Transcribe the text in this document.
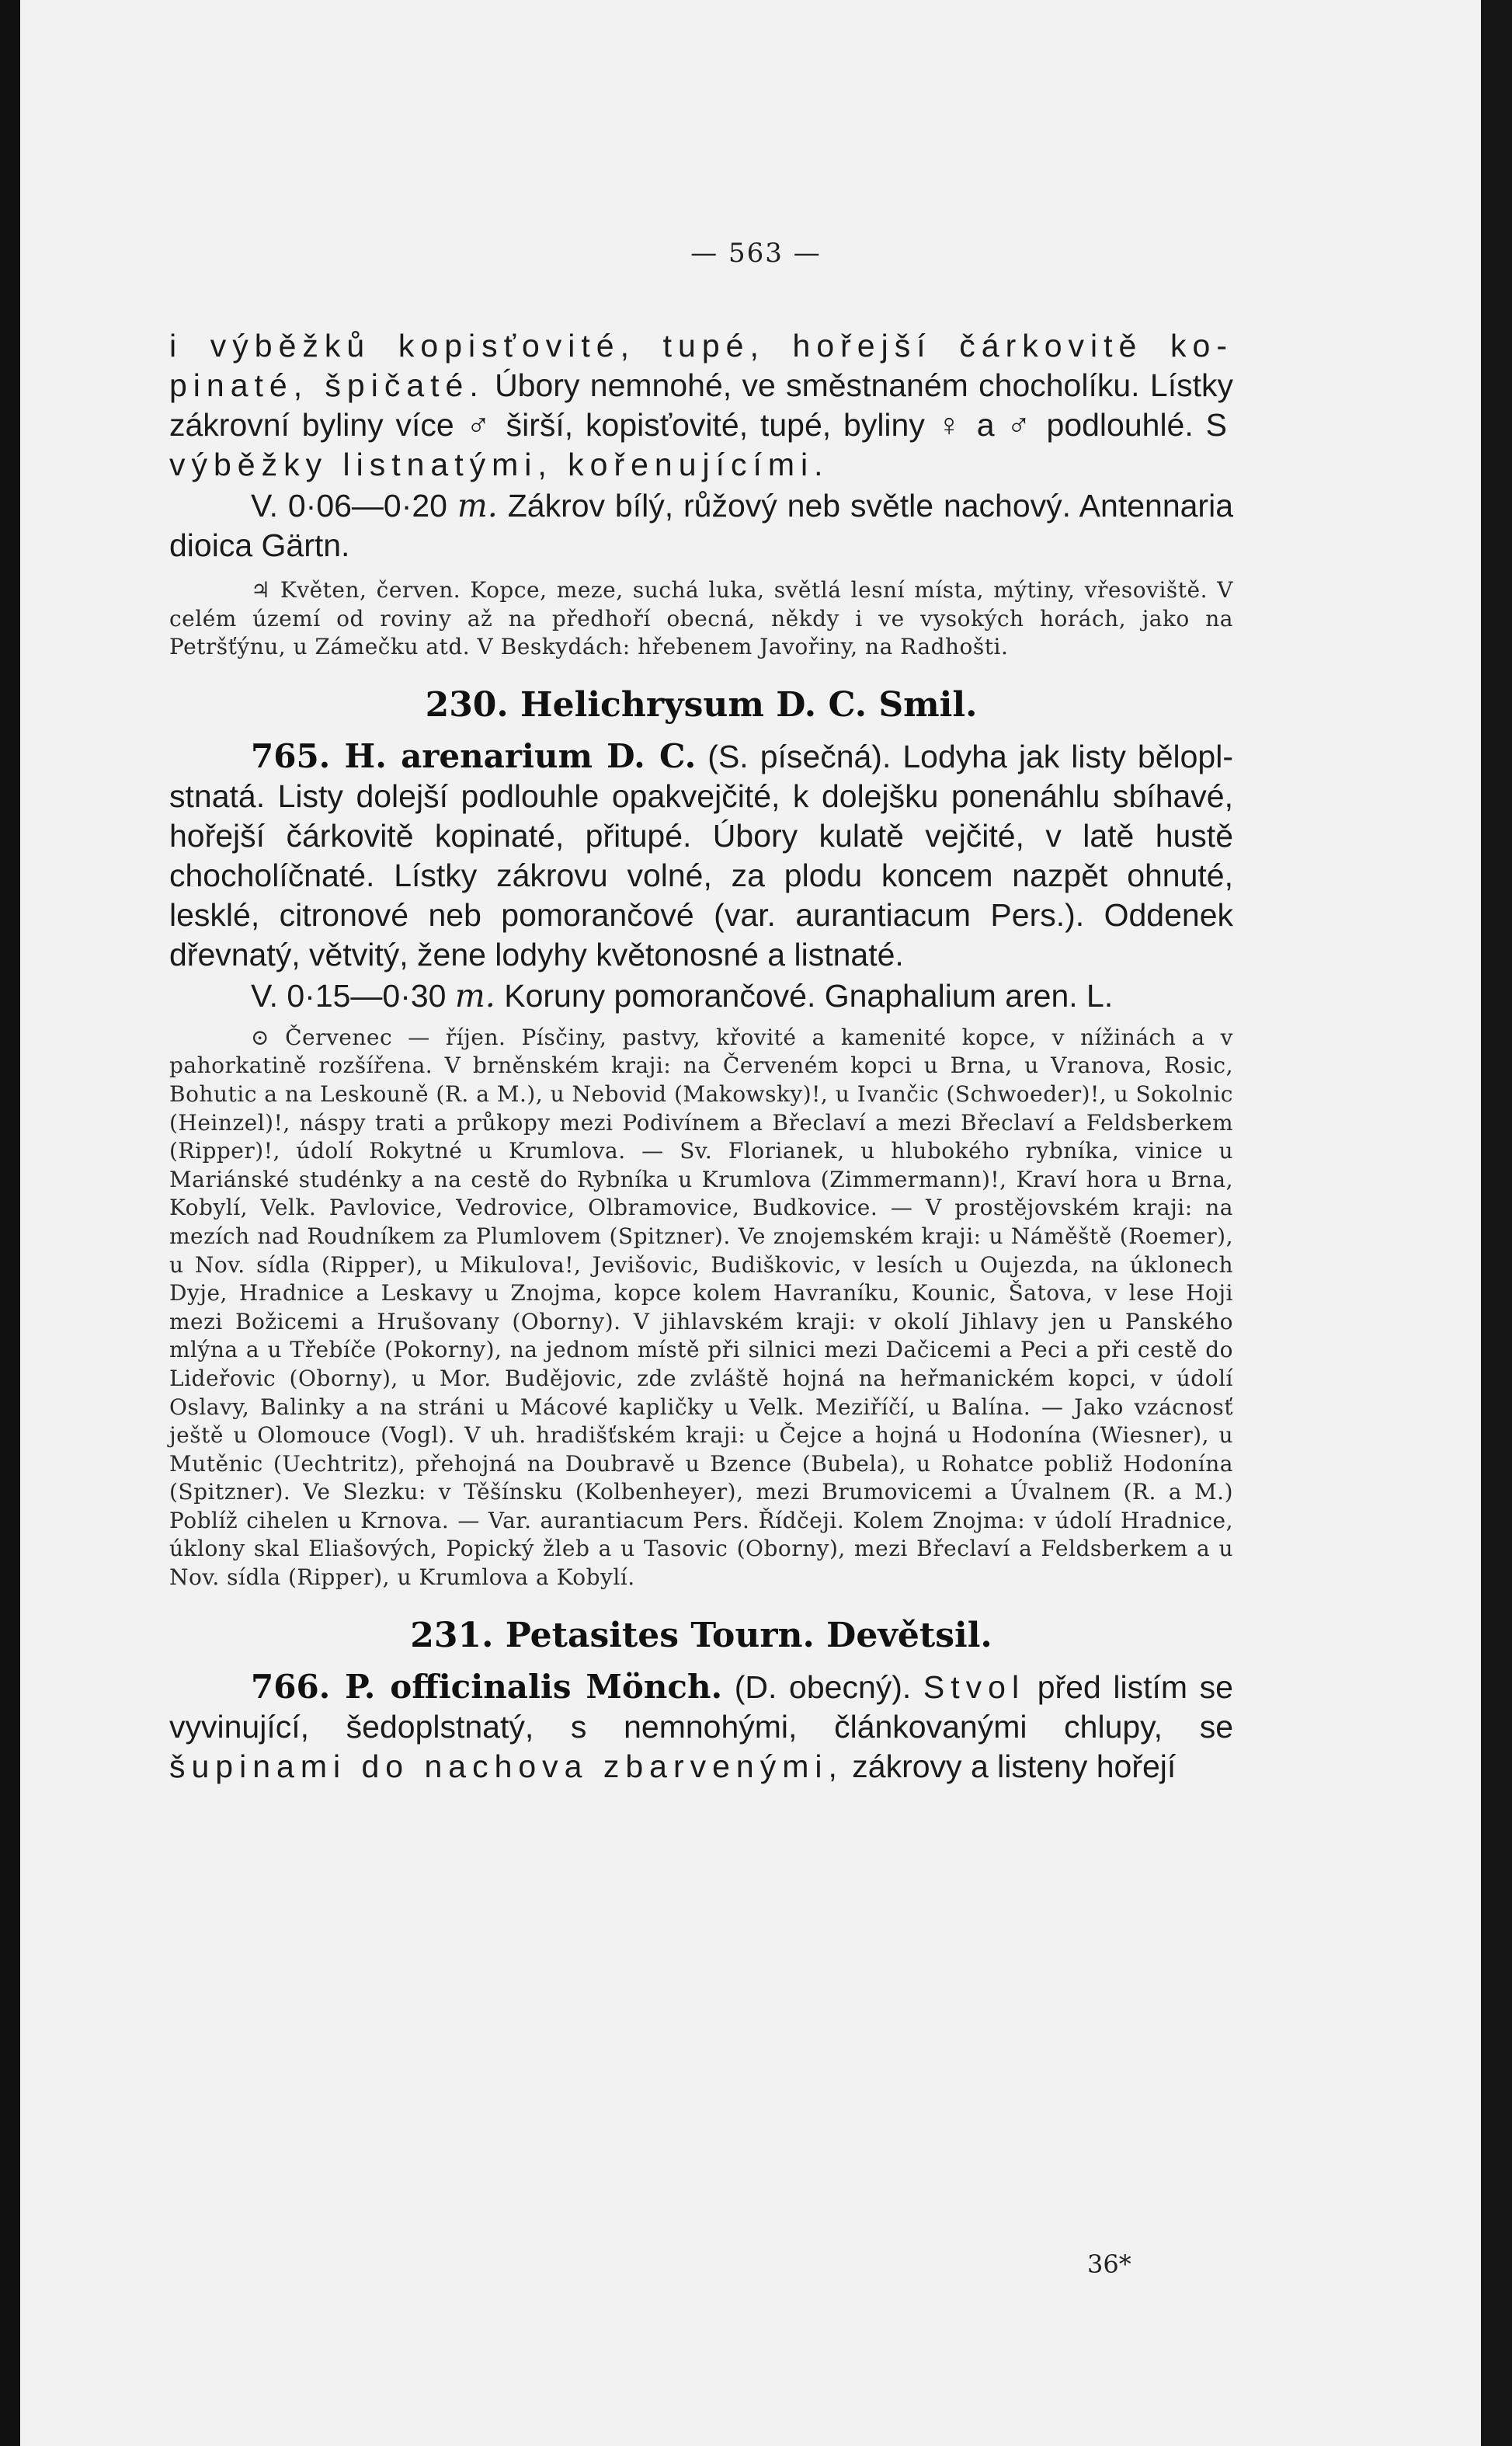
— 563 —

i výběžků kopisťovité, tupé, hořejší čárkovitě ko- pinaté, špičaté. Úbory nemnohé, ve směstnaném chocholíku. Lístky zákrovní byliny více ♂ širší, kopisťovité, tupé, byliny ♀ a ♂ podlouhlé. S výběžky listnatými, kořenujícími.

V. 0·06—0·20 m. Zákrov bílý, růžový neb světle nachový. Antennaria dioica Gärtn.

♃ Květen, červen. Kopce, meze, suchá luka, světlá lesní místa, mýtiny, vřesoviště. V celém území od roviny až na předhoří obecná, někdy i ve vysokých horách, jako na Petršťýnu, u Zámečku atd. V Beskydách: hřebenem Javořiny, na Radhošti.

230. Helichrysum D. C. Smil.

765. H. arenarium D. C. (S. písečná). Lodyha jak listy běloplstnatá. Listy dolejší podlouhle opakvejčité, k dolejšku ponenáhlu sbíhavé, hořejší čárkovitě kopinaté, přitupé. Úbory kulatě vejčité, v latě hustě chocholíčnaté. Lístky zákrovu volné, za plodu koncem nazpět ohnuté, lesklé, citronové neb pomorančové (var. aurantiacum Pers.). Oddenek dřevnatý, větvitý, žene lodyhy květonosné a listnaté.

V. 0·15—0·30 m. Koruny pomorančové. Gnaphalium aren. L.

⊙ Červenec — říjen. Písčiny, pastvy, křovité a kamenité kopce, v nížinách a v pahorkatině rozšířena. V brněnském kraji: na Červeném kopci u Brna, u Vranova, Rosic, Bohutic a na Leskouně (R. a M.), u Nebovid (Makowsky)!, u Ivančic (Schwoeder)!, u Sokolnic (Heinzel)!, náspy trati a průkopy mezi Podivínem a Břeclaví a mezi Břeclaví a Feldsberkem (Ripper)!, údolí Rokytné u Krumlova. — Sv. Florianek, u hlubokého rybníka, vinice u Mariánské studénky a na cestě do Rybníka u Krumlova (Zimmermann)!, Kraví hora u Brna, Kobylí, Velk. Pavlovice, Vedrovice, Olbramovice, Budkovice. — V prostějovském kraji: na mezích nad Roudníkem za Plumlovem (Spitzner). Ve znojemském kraji: u Náměště (Roemer), u Nov. sídla (Ripper), u Mikulova!, Jevišovic, Budiškovic, v lesích u Oujezda, na úklonech Dyje, Hradnice a Leskavy u Znojma, kopce kolem Havraníku, Kounic, Šatova, v lese Hoji mezi Božicemi a Hrušovany (Oborny). V jihlavském kraji: v okolí Jihlavy jen u Panského mlýna a u Třebíče (Pokorny), na jednom místě při silnici mezi Dačicemi a Peci a při cestě do Lideřovic (Oborny), u Mor. Budějovic, zde zvláště hojná na heřmanickém kopci, v údolí Oslavy, Balinky a na stráni u Mácové kapličky u Velk. Meziříčí, u Balína. — Jako vzácnosť ještě u Olomouce (Vogl). V uh. hradišťském kraji: u Čejce a hojná u Hodonína (Wiesner), u Mutěnic (Uechtritz), přehojná na Doubravě u Bzence (Bubela), u Rohatce pobliž Hodonína (Spitzner). Ve Slezku: v Těšínsku (Kolbenheyer), mezi Brumovicemi a Úvalnem (R. a M.) Poblíž cihelen u Krnova. — Var. aurantiacum Pers. Řídčeji. Kolem Znojma: v údolí Hradnice, úklony skal Eliašových, Popický žleb a u Tasovic (Oborny), mezi Břeclaví a Feldsberkem a u Nov. sídla (Ripper), u Krumlova a Kobylí.

231. Petasites Tourn. Devětsil.

766. P. officinalis Mönch. (D. obecný). Stvol před listím se vyvinující, šedoplstnatý, s nemnohými, článkovanými chlupy, se šupinami do nachova zbarvenými, zákrovy a listeny hořejí

36*
